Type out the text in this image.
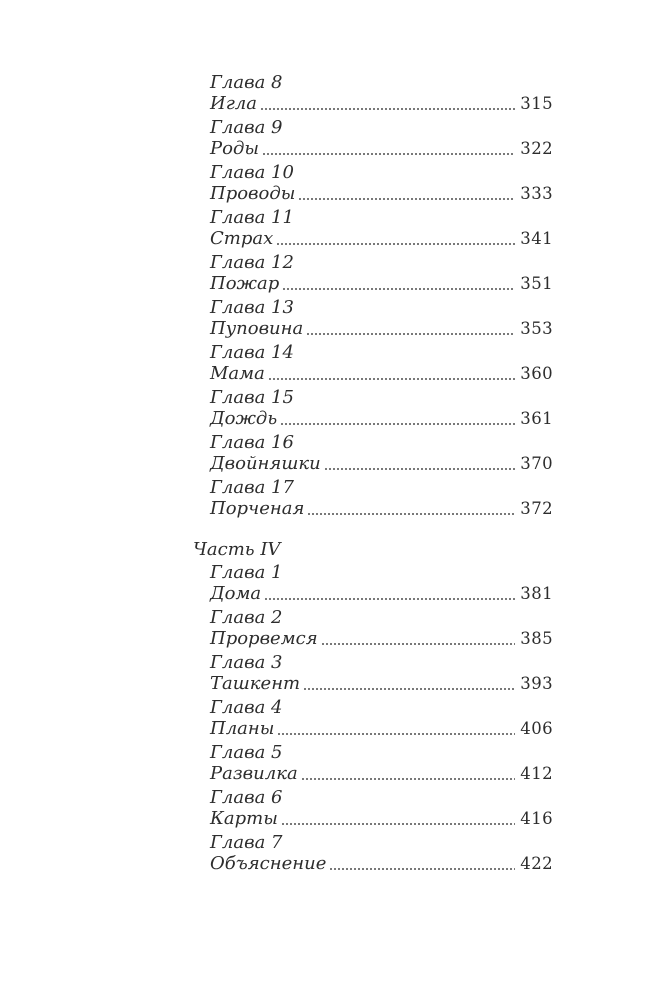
Глава 8
Игла	315
Глава 9
Роды	322
Глава 10
Проводы	333
Глава 11
Страх	341
Глава 12
Пожар	351
Глава 13
Пуповина	353
Глава 14
Мама	360
Глава 15
Дождь	361
Глава 16
Двойняшки	370
Глава 17
Порченая	372
Часть IV
Глава 1
Дома	381
Глава 2
Прорвемся	385
Глава 3
Ташкент	393
Глава 4
Планы	406
Глава 5
Развилка	412
Глава 6
Карты	416
Глава 7
Объяснение	422
